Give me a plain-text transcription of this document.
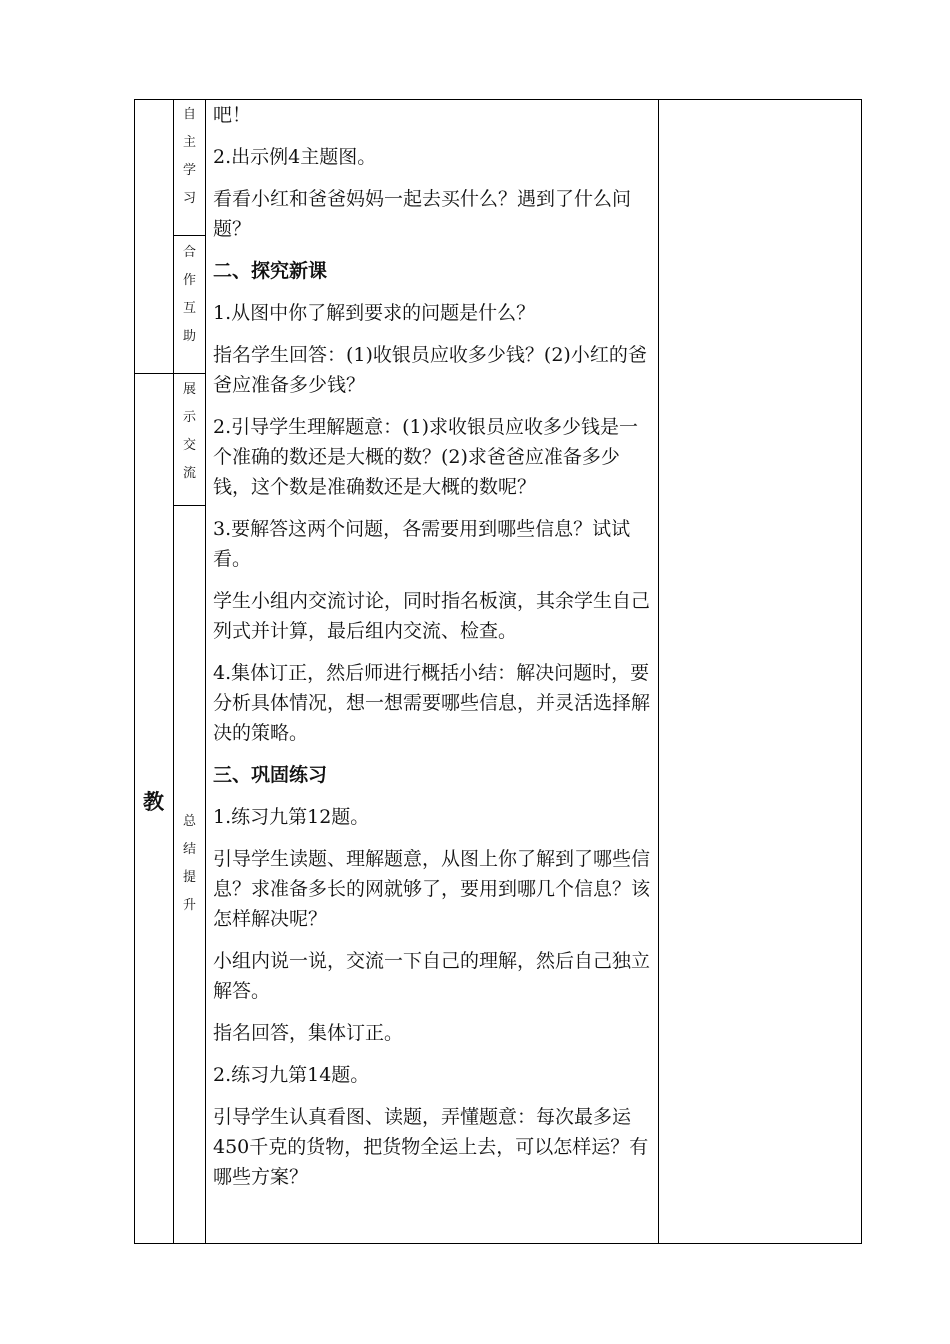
教
自
主
学
习
合
作
互
助
展
示
交
流
总
结
提
升

吧！

2.出示例4主题图。

看看小红和爸爸妈妈一起去买什么？遇到了什么问题？

二、探究新课

1.从图中你了解到要求的问题是什么？

指名学生回答：(1)收银员应收多少钱？(2)小红的爸爸应准备多少钱？

2.引导学生理解题意：(1)求收银员应收多少钱是一个准确的数还是大概的数？(2)求爸爸应准备多少钱，这个数是准确数还是大概的数呢？

3.要解答这两个问题，各需要用到哪些信息？试试看。

学生小组内交流讨论，同时指名板演，其余学生自己列式并计算，最后组内交流、检查。

4.集体订正，然后师进行概括小结：解决问题时，要分析具体情况，想一想需要哪些信息，并灵活选择解决的策略。

三、巩固练习

1.练习九第12题。

引导学生读题、理解题意，从图上你了解到了哪些信息？求准备多长的网就够了，要用到哪几个信息？该怎样解决呢？

小组内说一说，交流一下自己的理解，然后自己独立解答。

指名回答，集体订正。

2.练习九第14题。

引导学生认真看图、读题，弄懂题意：每次最多运450千克的货物，把货物全运上去，可以怎样运？有哪些方案？
